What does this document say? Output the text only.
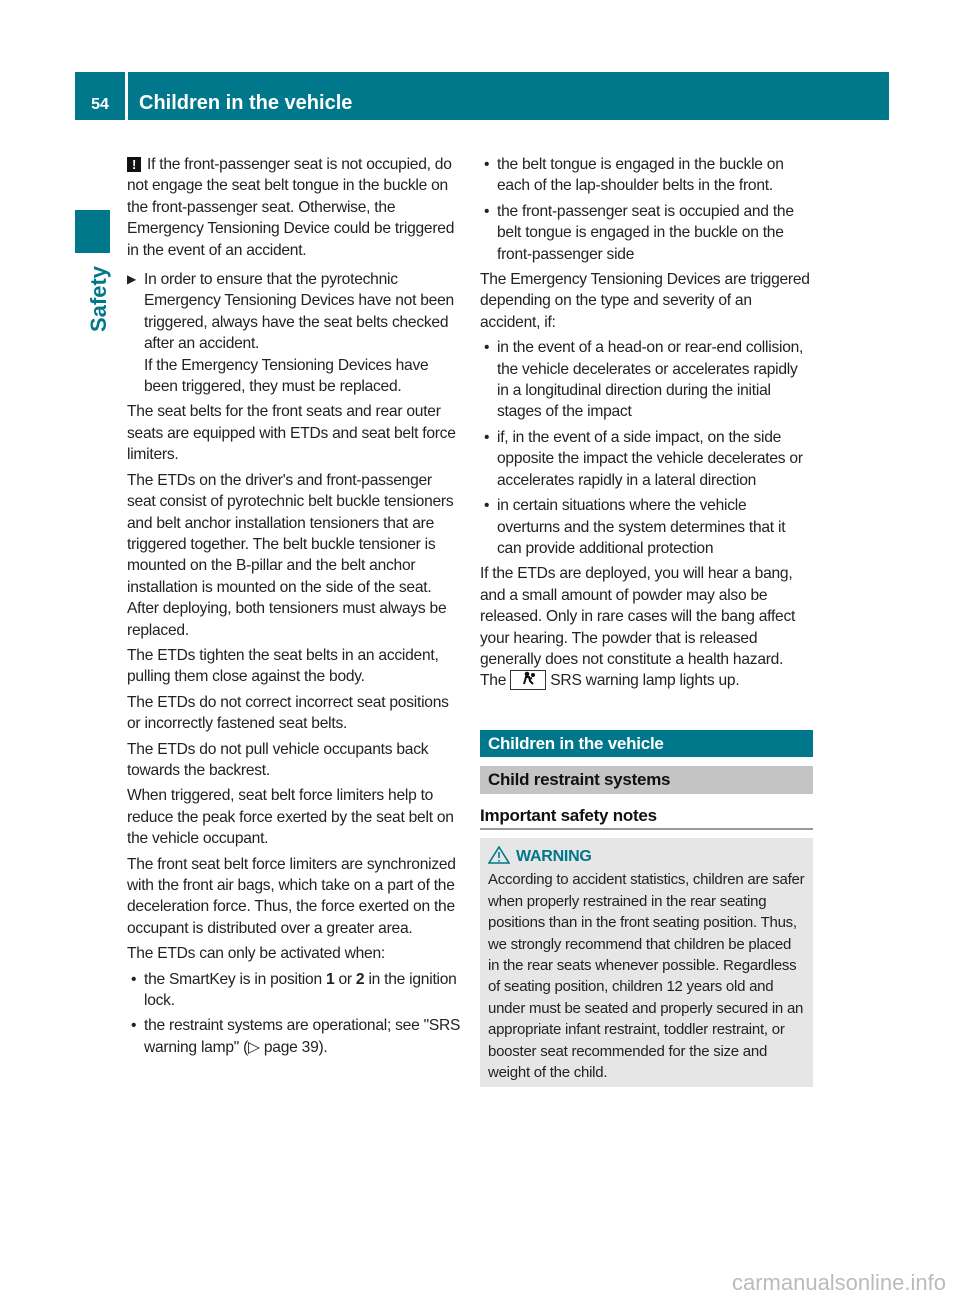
54	Children in the vehicle
Safety

! If the front-passenger seat is not occupied, do not engage the seat belt tongue in the buckle on the front-passenger seat. Otherwise, the Emergency Tensioning Device could be triggered in the event of an accident.

▶ In order to ensure that the pyrotechnic Emergency Tensioning Devices have not been triggered, always have the seat belts checked after an accident.
If the Emergency Tensioning Devices have been triggered, they must be replaced.

The seat belts for the front seats and rear outer seats are equipped with ETDs and seat belt force limiters.

The ETDs on the driver's and front-passenger seat consist of pyrotechnic belt buckle tensioners and belt anchor installation tensioners that are triggered together. The belt buckle tensioner is mounted on the B-pillar and the belt anchor installation is mounted on the side of the seat. After deploying, both tensioners must always be replaced.

The ETDs tighten the seat belts in an accident, pulling them close against the body.

The ETDs do not correct incorrect seat positions or incorrectly fastened seat belts.

The ETDs do not pull vehicle occupants back towards the backrest.

When triggered, seat belt force limiters help to reduce the peak force exerted by the seat belt on the vehicle occupant.

The front seat belt force limiters are synchronized with the front air bags, which take on a part of the deceleration force. Thus, the force exerted on the occupant is distributed over a greater area.

The ETDs can only be activated when:

• the SmartKey is in position 1 or 2 in the ignition lock.
• the restraint systems are operational; see "SRS warning lamp" (▷ page 39).
• the belt tongue is engaged in the buckle on each of the lap-shoulder belts in the front.
• the front-passenger seat is occupied and the belt tongue is engaged in the buckle on the front-passenger side

The Emergency Tensioning Devices are triggered depending on the type and severity of an accident, if:

• in the event of a head-on or rear-end collision, the vehicle decelerates or accelerates rapidly in a longitudinal direction during the initial stages of the impact
• if, in the event of a side impact, on the side opposite the impact the vehicle decelerates or accelerates rapidly in a lateral direction
• in certain situations where the vehicle overturns and the system determines that it can provide additional protection

If the ETDs are deployed, you will hear a bang, and a small amount of powder may also be released. Only in rare cases will the bang affect your hearing. The powder that is released generally does not constitute a health hazard. The  SRS warning lamp lights up.

Children in the vehicle
Child restraint systems
Important safety notes
WARNING
According to accident statistics, children are safer when properly restrained in the rear seating positions than in the front seating position. Thus, we strongly recommend that children be placed in the rear seats whenever possible. Regardless of seating position, children 12 years old and under must be seated and properly secured in an appropriate infant restraint, toddler restraint, or booster seat recommended for the size and weight of the child.
carmanualsonline.info
